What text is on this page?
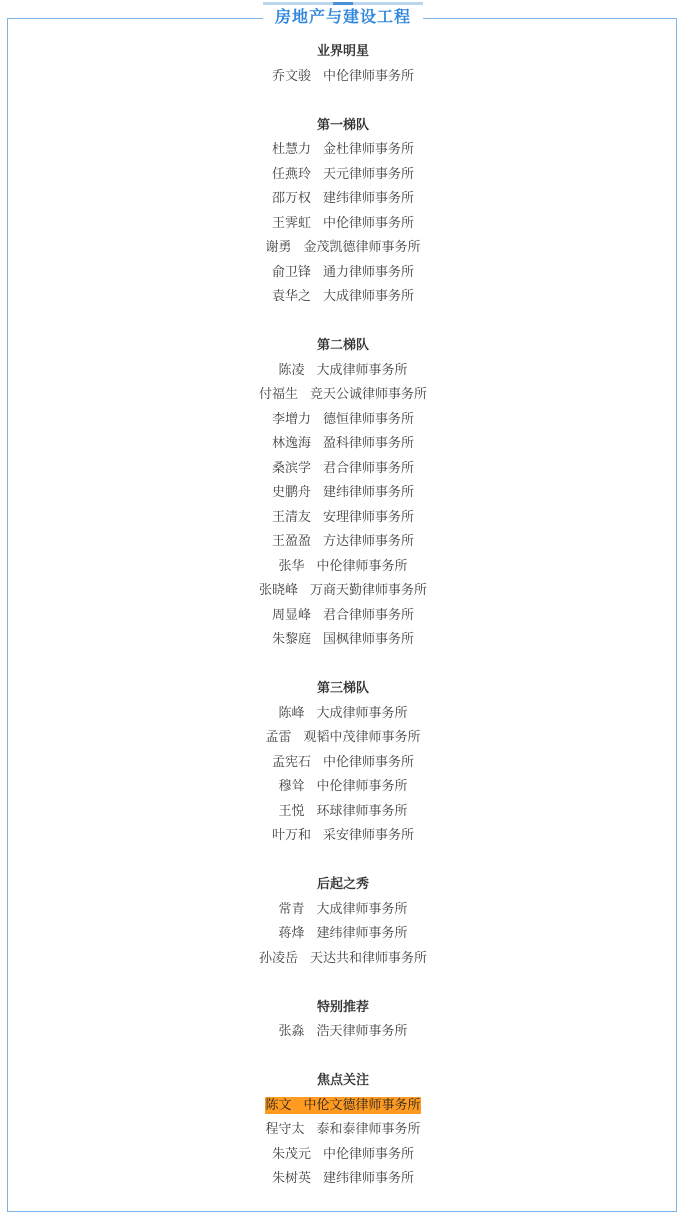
房地产与建设工程
业界明星
乔文骏 中伦律师事务所
第一梯队
杜慧力 金杜律师事务所
任燕玲 天元律师事务所
邵万权 建纬律师事务所
王霁虹 中伦律师事务所
谢勇 金茂凯德律师事务所
俞卫锋 通力律师事务所
袁华之 大成律师事务所
第二梯队
陈凌 大成律师事务所
付福生 竞天公诚律师事务所
李增力 德恒律师事务所
林逸海 盈科律师事务所
桑滨学 君合律师事务所
史鹏舟 建纬律师事务所
王清友 安理律师事务所
王盈盈 方达律师事务所
张华 中伦律师事务所
张晓峰 万商天勤律师事务所
周显峰 君合律师事务所
朱黎庭 国枫律师事务所
第三梯队
陈峰 大成律师事务所
孟雷 观韬中茂律师事务所
孟宪石 中伦律师事务所
穆耸 中伦律师事务所
王悦 环球律师事务所
叶万和 采安律师事务所
后起之秀
常青 大成律师事务所
蒋烽 建纬律师事务所
孙凌岳 天达共和律师事务所
特别推荐
张淼 浩天律师事务所
焦点关注
陈文 中伦文德律师事务所
程守太 泰和泰律师事务所
朱茂元 中伦律师事务所
朱树英 建纬律师事务所
